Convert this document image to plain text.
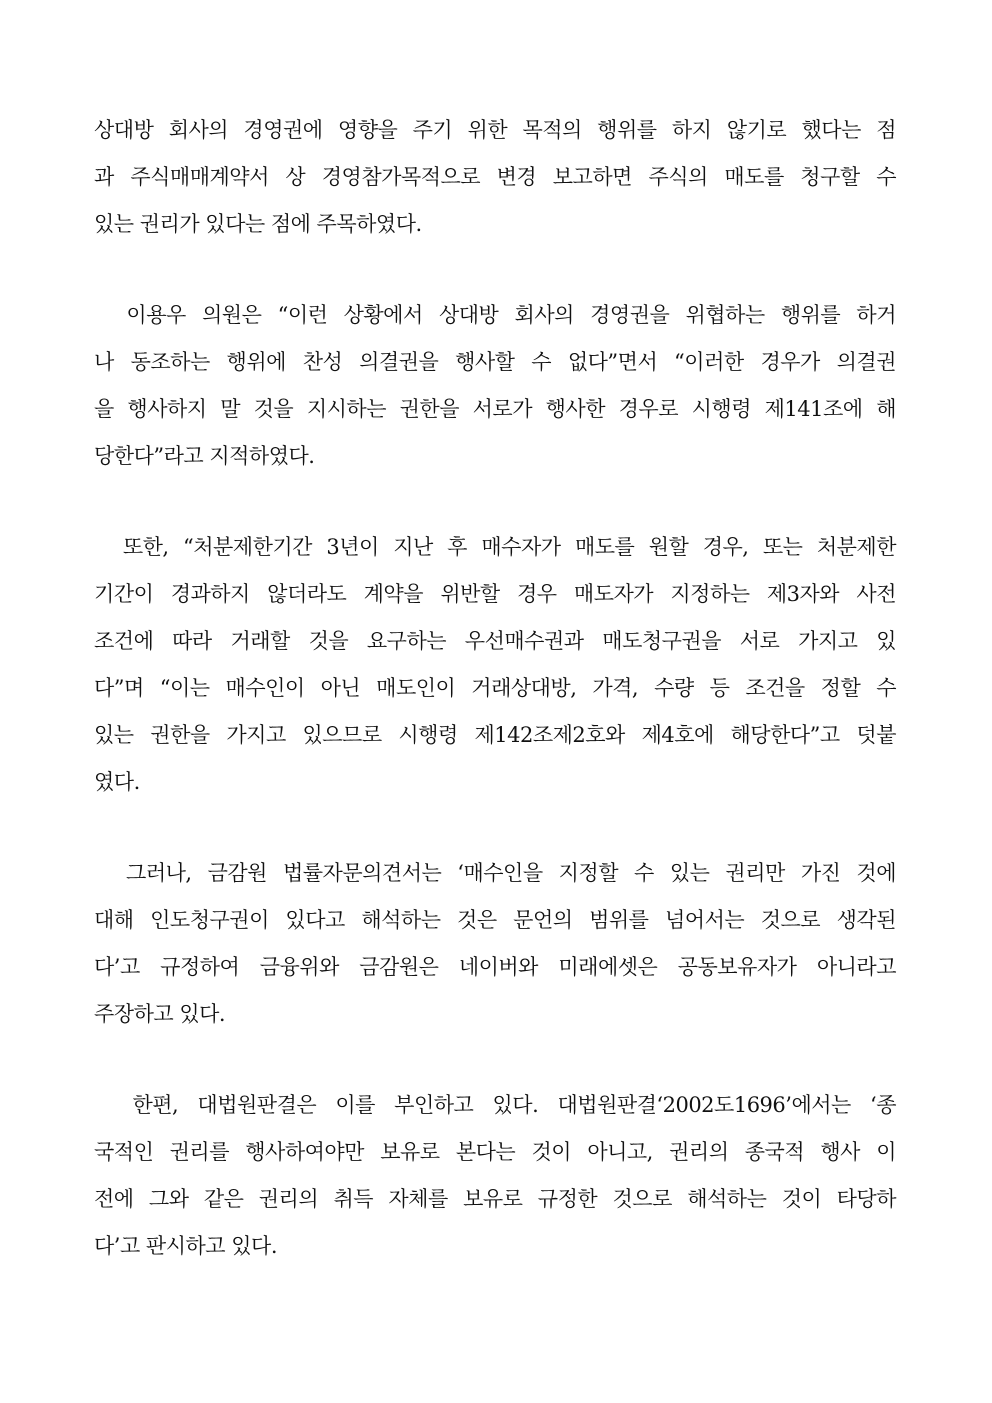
상대방 회사의 경영권에 영향을 주기 위한 목적의 행위를 하지 않기로 했다는 점
과 주식매매계약서 상 경영참가목적으로 변경 보고하면 주식의 매도를 청구할 수
있는 권리가 있다는 점에 주목하였다.
이용우 의원은 “이런 상황에서 상대방 회사의 경영권을 위협하는 행위를 하거
나 동조하는 행위에 찬성 의결권을 행사할 수 없다”면서 “이러한 경우가 의결권
을 행사하지 말 것을 지시하는 권한을 서로가 행사한 경우로 시행령 제141조에 해
당한다”라고 지적하였다.
또한, “처분제한기간 3년이 지난 후 매수자가 매도를 원할 경우, 또는 처분제한
기간이 경과하지 않더라도 계약을 위반할 경우 매도자가 지정하는 제3자와 사전
조건에 따라 거래할 것을 요구하는 우선매수권과 매도청구권을 서로 가지고 있
다”며 “이는 매수인이 아닌 매도인이 거래상대방, 가격, 수량 등 조건을 정할 수
있는 권한을 가지고 있으므로 시행령 제142조제2호와 제4호에 해당한다”고 덧붙
였다.
그러나, 금감원 법률자문의견서는 ‘매수인을 지정할 수 있는 권리만 가진 것에
대해 인도청구권이 있다고 해석하는 것은 문언의 범위를 넘어서는 것으로 생각된
다’고 규정하여 금융위와 금감원은 네이버와 미래에셋은 공동보유자가 아니라고
주장하고 있다.
한편, 대법원판결은 이를 부인하고 있다. 대법원판결‘2002도1696’에서는 ‘종
국적인 권리를 행사하여야만 보유로 본다는 것이 아니고, 권리의 종국적 행사 이
전에 그와 같은 권리의 취득 자체를 보유로 규정한 것으로 해석하는 것이 타당하
다’고 판시하고 있다.
